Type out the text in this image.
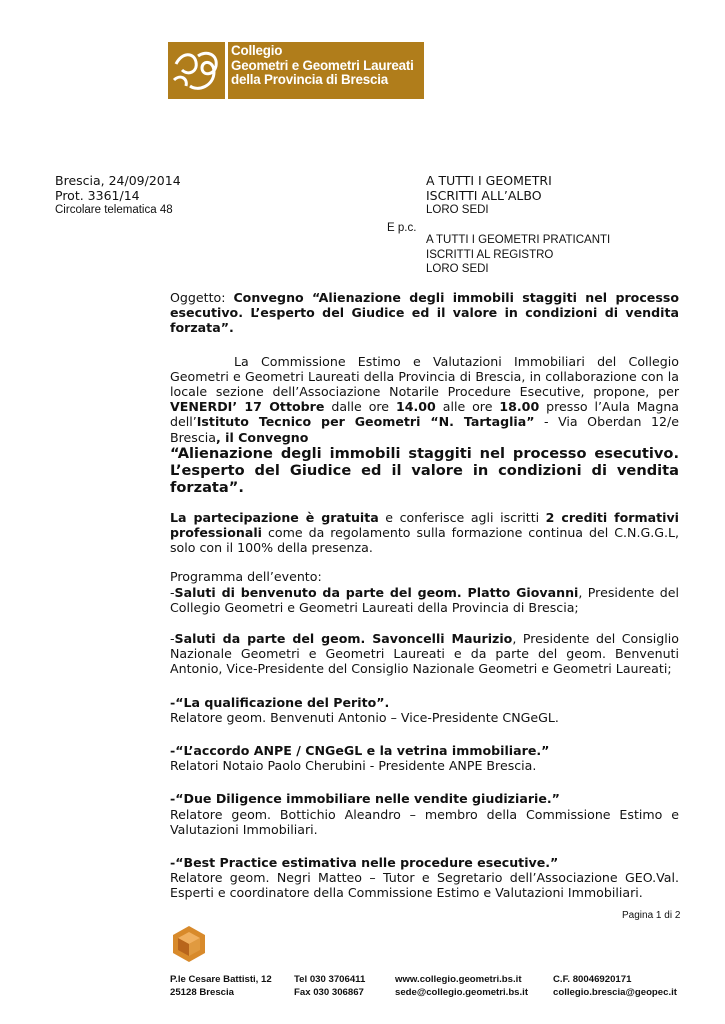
Collegio
Geometri e Geometri Laureati
della Provincia di Brescia
Brescia, 24/09/2014
Prot. 3361/14
Circolare telematica 48
A TUTTI I GEOMETRI
ISCRITTI ALL’ALBO
LORO SEDI
E p.c.
A TUTTI I GEOMETRI PRATICANTI
ISCRITTI AL REGISTRO
LORO SEDI

Oggetto: Convegno “Alienazione degli immobili staggiti nel processo esecutivo. L’esperto del Giudice ed il valore in condizioni di vendita forzata”.

La Commissione Estimo e Valutazioni Immobiliari del Collegio Geometri e Geometri Laureati della Provincia di Brescia, in collaborazione con la locale sezione dell’Associazione Notarile Procedure Esecutive, propone, per VENERDI’ 17 Ottobre dalle ore 14.00 alle ore 18.00 presso l’Aula Magna dell’Istituto Tecnico per Geometri “N. Tartaglia” - Via Oberdan 12/e Brescia, il Convegno

“Alienazione degli immobili staggiti nel processo esecutivo. L’esperto del Giudice ed il valore in condizioni di vendita forzata”.

La partecipazione è gratuita e conferisce agli iscritti 2 crediti formativi professionali come da regolamento sulla formazione continua del C.N.G.G.L, solo con il 100% della presenza.

Programma dell’evento:

-Saluti di benvenuto da parte del geom. Platto Giovanni, Presidente del Collegio Geometri e Geometri Laureati della Provincia di Brescia;

-Saluti da parte del geom. Savoncelli Maurizio, Presidente del Consiglio Nazionale Geometri e Geometri Laureati e da parte del geom. Benvenuti Antonio, Vice-Presidente del Consiglio Nazionale Geometri e Geometri Laureati;

-“La qualificazione del Perito”.

Relatore geom. Benvenuti Antonio – Vice-Presidente CNGeGL.

-“L’accordo ANPE / CNGeGL e la vetrina immobiliare.”

Relatori Notaio Paolo Cherubini - Presidente ANPE Brescia.

-“Due Diligence immobiliare nelle vendite giudiziarie.”

Relatore geom. Bottichio Aleandro – membro della Commissione Estimo e Valutazioni Immobiliari.

-“Best Practice estimativa nelle procedure esecutive.”

Relatore geom. Negri Matteo – Tutor e Segretario dell’Associazione GEO.Val. Esperti e coordinatore della Commissione Estimo e Valutazioni Immobiliari.

Pagina 1 di 2
P.le Cesare Battisti, 12
25128 Brescia
Tel 030 3706411
Fax 030 306867
www.collegio.geometri.bs.it
sede@collegio.geometri.bs.it
C.F. 80046920171
collegio.brescia@geopec.it
